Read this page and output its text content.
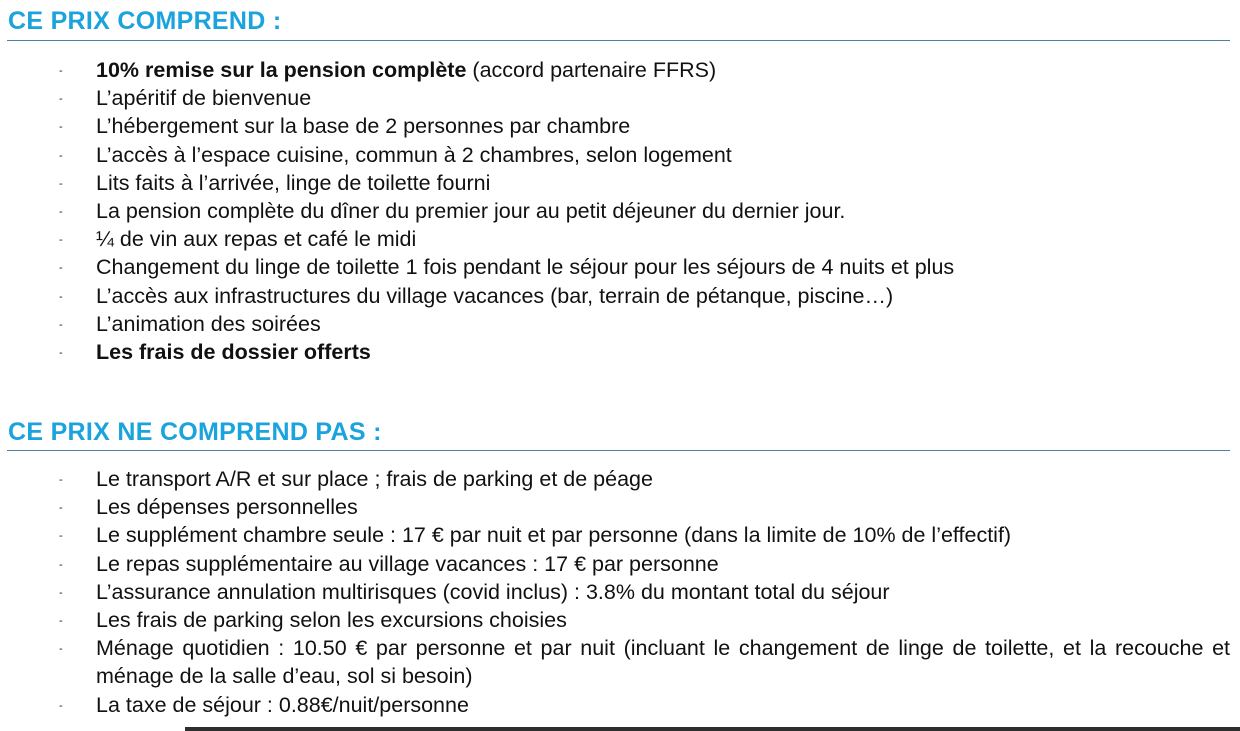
CE PRIX COMPREND :
- 10% remise sur la pension complète (accord partenaire FFRS)
- L’apéritif de bienvenue
- L’hébergement sur la base de 2 personnes par chambre
- L’accès à l’espace cuisine, commun à 2 chambres, selon logement
- Lits faits à l’arrivée, linge de toilette fourni
- La pension complète du dîner du premier jour au petit déjeuner du dernier jour.
- ¼ de vin aux repas et café le midi
- Changement du linge de toilette 1 fois pendant le séjour pour les séjours de 4 nuits et plus
- L’accès aux infrastructures du village vacances (bar, terrain de pétanque, piscine…)
- L’animation des soirées
- Les frais de dossier offerts
CE PRIX NE COMPREND PAS :
- Le transport A/R et sur place ; frais de parking et de péage
- Les dépenses personnelles
- Le supplément chambre seule : 17 € par nuit et par personne (dans la limite de 10% de l’effectif)
- Le repas supplémentaire au village vacances : 17 € par personne
- L’assurance annulation multirisques (covid inclus) : 3.8% du montant total du séjour
- Les frais de parking selon les excursions choisies
- Ménage quotidien : 10.50 € par personne et par nuit (incluant le changement de linge de toilette, et la recouche et ménage de la salle d’eau, sol si besoin)
- La taxe de séjour : 0.88€/nuit/personne
